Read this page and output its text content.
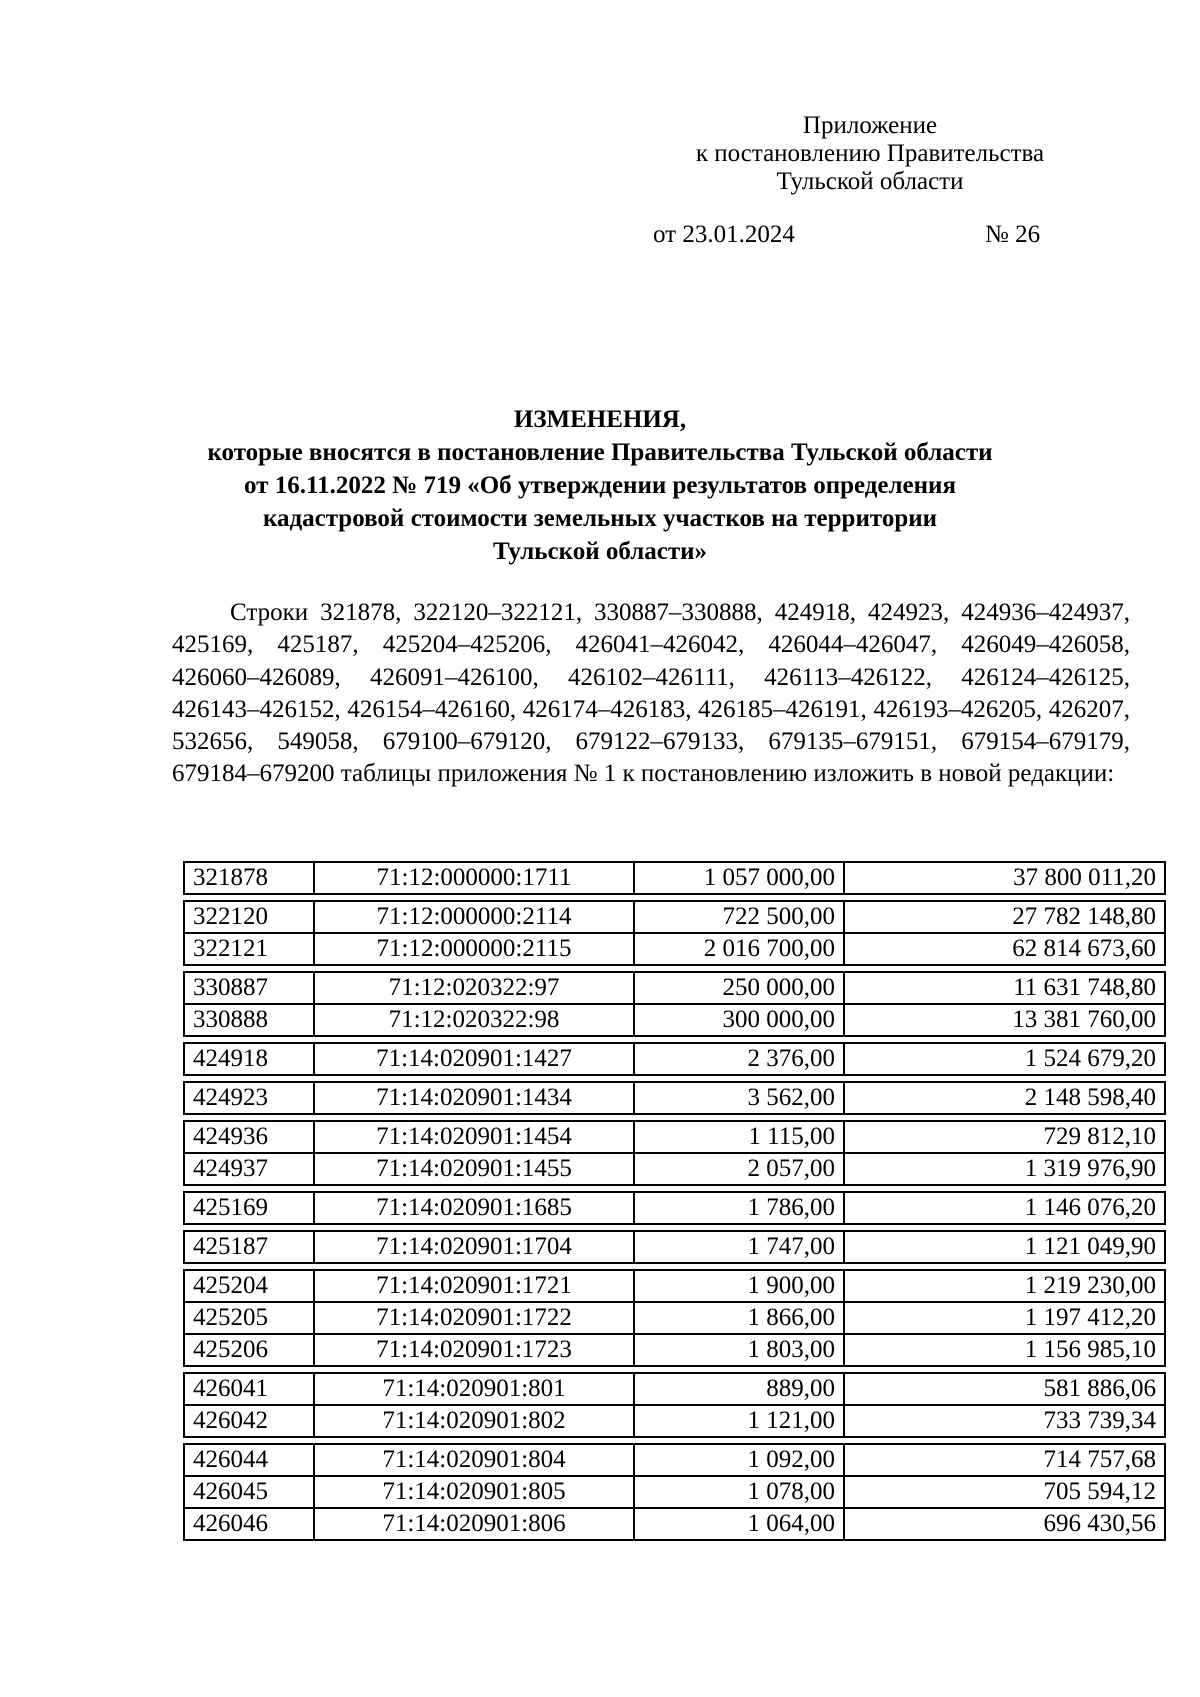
Приложение
к постановлению Правительства
Тульской области
от 23.01.2024	№ 26
ИЗМЕНЕНИЯ,
которые вносятся в постановление Правительства Тульской области
от 16.11.2022 № 719 «Об утверждении результатов определения
кадастровой стоимости земельных участков на территории
Тульской области»

Строки 321878, 322120–322121, 330887–330888, 424918, 424923, 424936–424937, 425169, 425187, 425204–425206, 426041–426042, 426044–426047, 426049–426058, 426060–426089, 426091–426100, 426102–426111, 426113–426122, 426124–426125, 426143–426152, 426154–426160, 426174–426183, 426185–426191, 426193–426205, 426207, 532656, 549058, 679100–679120, 679122–679133, 679135–679151, 679154–679179, 679184–679200 таблицы приложения № 1 к постановлению изложить в новой редакции:

321878	71:12:000000:1711	1 057 000,00	37 800 011,20
322120	71:12:000000:2114	722 500,00	27 782 148,80
322121	71:12:000000:2115	2 016 700,00	62 814 673,60
330887	71:12:020322:97	250 000,00	11 631 748,80
330888	71:12:020322:98	300 000,00	13 381 760,00
424918	71:14:020901:1427	2 376,00	1 524 679,20
424923	71:14:020901:1434	3 562,00	2 148 598,40
424936	71:14:020901:1454	1 115,00	729 812,10
424937	71:14:020901:1455	2 057,00	1 319 976,90
425169	71:14:020901:1685	1 786,00	1 146 076,20
425187	71:14:020901:1704	1 747,00	1 121 049,90
425204	71:14:020901:1721	1 900,00	1 219 230,00
425205	71:14:020901:1722	1 866,00	1 197 412,20
425206	71:14:020901:1723	1 803,00	1 156 985,10
426041	71:14:020901:801	889,00	581 886,06
426042	71:14:020901:802	1 121,00	733 739,34
426044	71:14:020901:804	1 092,00	714 757,68
426045	71:14:020901:805	1 078,00	705 594,12
426046	71:14:020901:806	1 064,00	696 430,56
